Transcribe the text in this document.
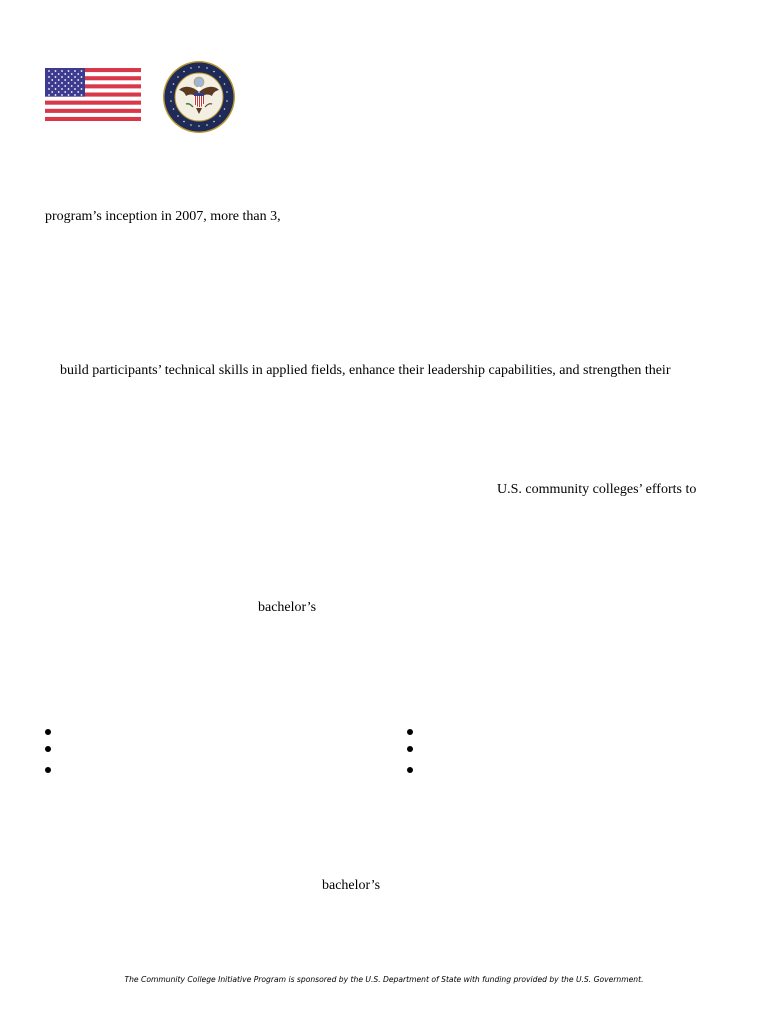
program’s inception in 2007, more than 3,
build participants’ technical skills in applied fields, enhance their leadership capabilities, and strengthen their
U.S. community colleges’ efforts to
bachelor’s
bachelor’s
The Community College Initiative Program is sponsored by the U.S. Department of State with funding provided by the U.S. Government.
